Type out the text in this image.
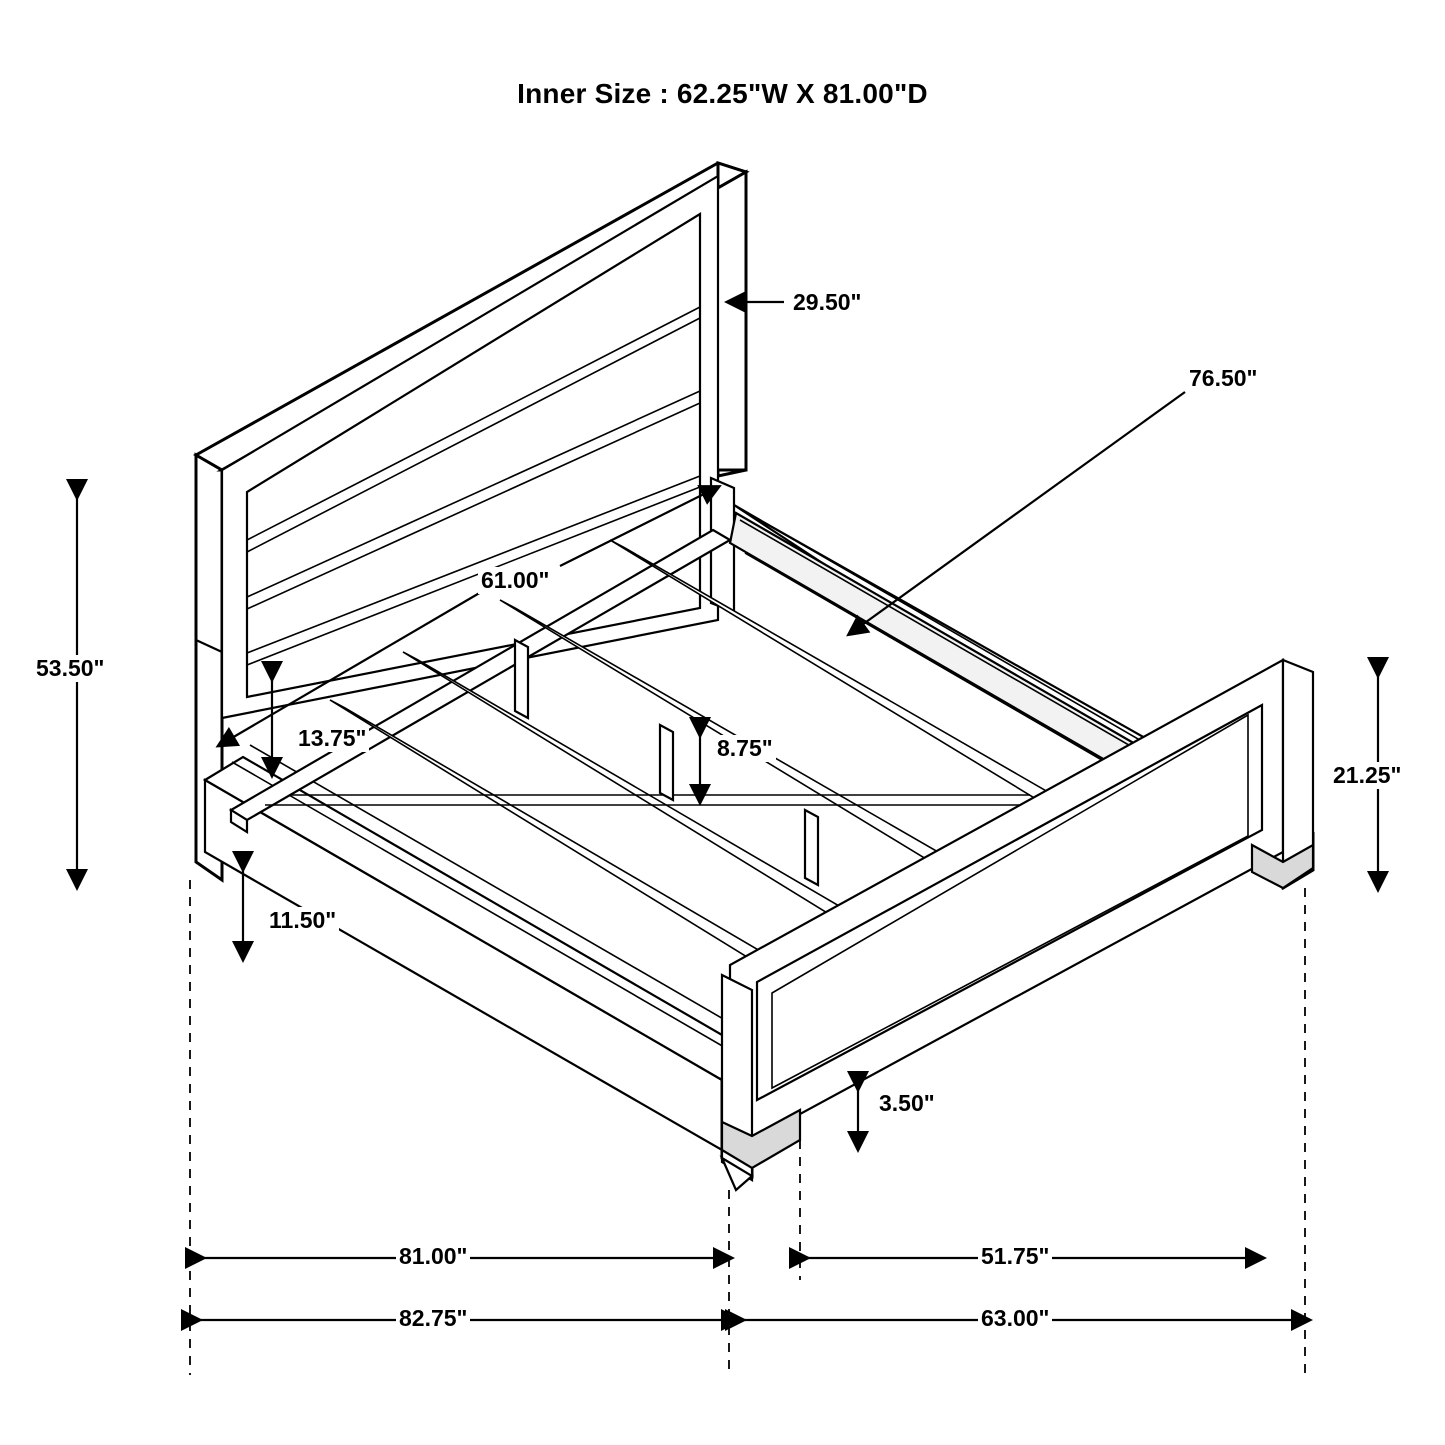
Inner Size : 62.25"W X 81.00"D
53.50"
29.50"
76.50"
61.00"
13.75"	8.75"
11.50"
21.25"
3.50"
81.00"	51.75"
82.75"	63.00"
